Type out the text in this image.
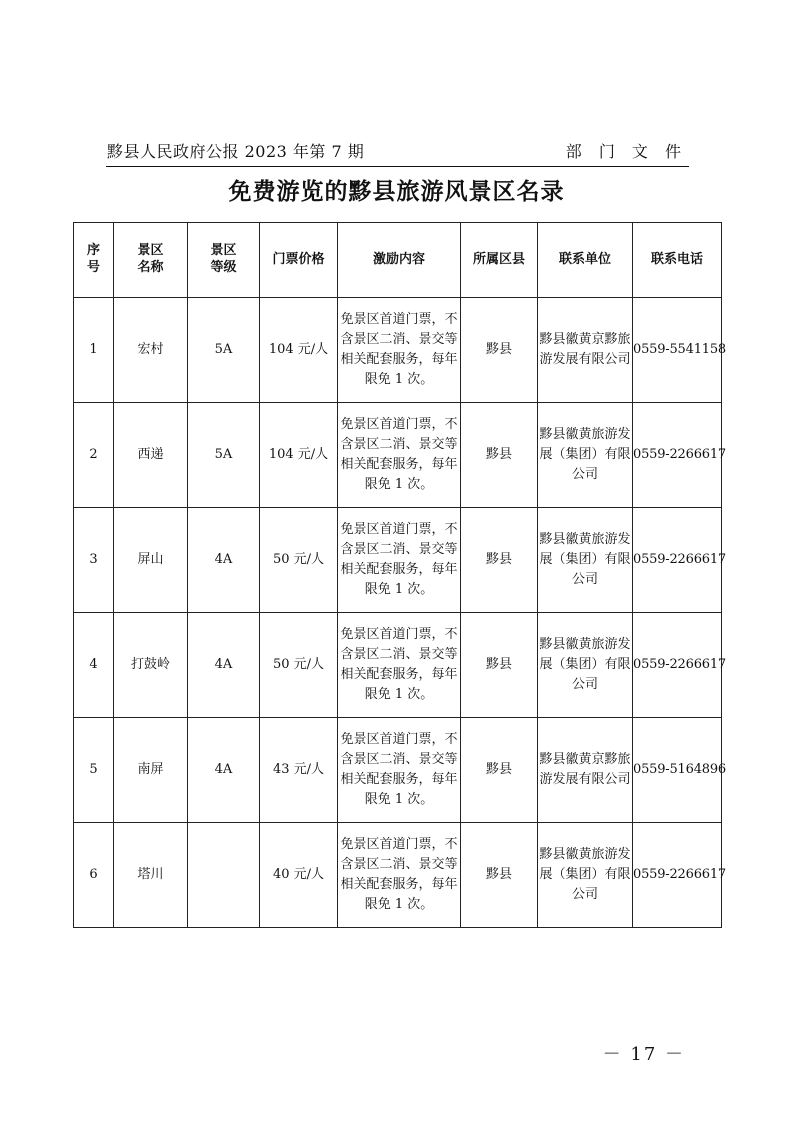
黟县人民政府公报 2023 年第 7 期	部 门 文 件
免费游览的黟县旅游风景区名录
序号	景区名称	景区等级	门票价格	激励内容	所属区县	联系单位	联系电话
1	宏村	5A	104 元/人	免景区首道门票，不含景区二消、景交等相关配套服务，每年限免 1 次。	黟县	黟县徽黄京黟旅游发展有限公司	0559-5541158
2	西递	5A	104 元/人	免景区首道门票，不含景区二消、景交等相关配套服务，每年限免 1 次。	黟县	黟县徽黄旅游发展（集团）有限公司	0559-2266617
3	屏山	4A	50 元/人	免景区首道门票，不含景区二消、景交等相关配套服务，每年限免 1 次。	黟县	黟县徽黄旅游发展（集团）有限公司	0559-2266617
4	打鼓岭	4A	50 元/人	免景区首道门票，不含景区二消、景交等相关配套服务，每年限免 1 次。	黟县	黟县徽黄旅游发展（集团）有限公司	0559-2266617
5	南屏	4A	43 元/人	免景区首道门票，不含景区二消、景交等相关配套服务，每年限免 1 次。	黟县	黟县徽黄京黟旅游发展有限公司	0559-5164896
6	塔川		40 元/人	免景区首道门票，不含景区二消、景交等相关配套服务，每年限免 1 次。	黟县	黟县徽黄旅游发展（集团）有限公司	0559-2266617
－ 17 －
